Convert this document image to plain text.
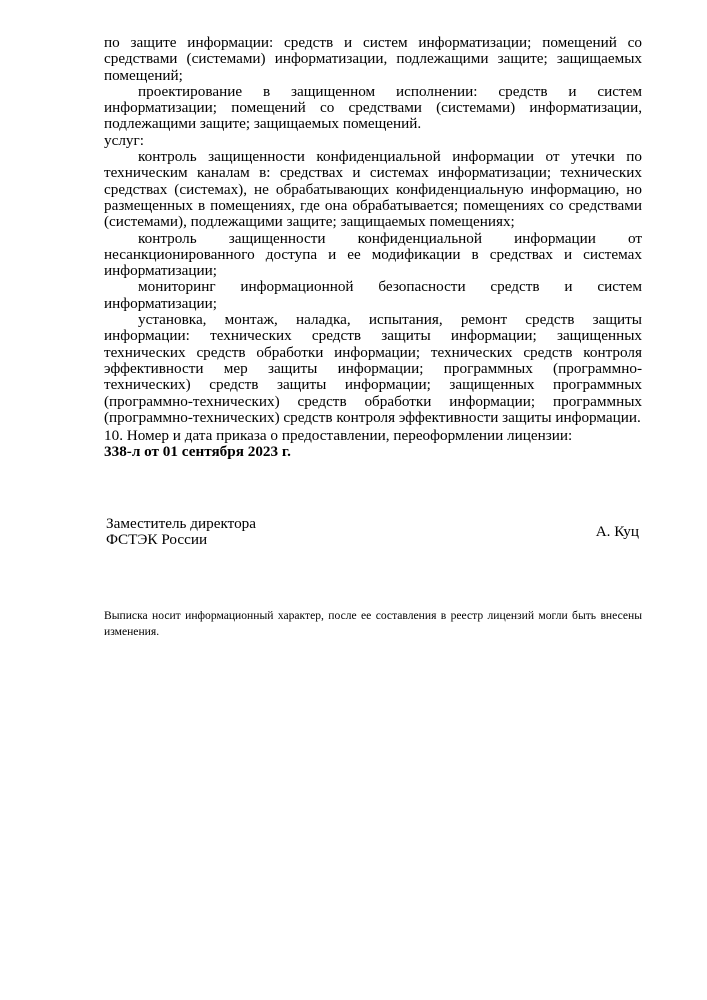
по защите информации: средств и систем информатизации; помещений со средствами (системами) информатизации, подлежащими защите; защищаемых помещений;

проектирование в защищенном исполнении: средств и систем информатизации; помещений со средствами (системами) информатизации, подлежащими защите; защищаемых помещений.

услуг:

контроль защищенности конфиденциальной информации от утечки по техническим каналам в: средствах и системах информатизации; технических средствах (системах), не обрабатывающих конфиденциальную информацию, но размещенных в помещениях, где она обрабатывается; помещениях со средствами (системами), подлежащими защите; защищаемых помещениях;

контроль защищенности конфиденциальной информации от несанкционированного доступа и ее модификации в средствах и системах информатизации;

мониторинг информационной безопасности средств и систем информатизации;

установка, монтаж, наладка, испытания, ремонт средств защиты информации: технических средств защиты информации; защищенных технических средств обработки информации; технических средств контроля эффективности мер защиты информации; программных (программно-технических) средств защиты информации; защищенных программных (программно-технических) средств обработки информации; программных (программно-технических) средств контроля эффективности защиты информации.

10. Номер и дата приказа о предоставлении, переоформлении лицензии:

338-л от 01 сентября 2023 г.

Заместитель директора
ФСТЭК России	А. Куц
Выписка носит информационный характер, после ее составления в реестр лицензий могли быть внесены изменения.
